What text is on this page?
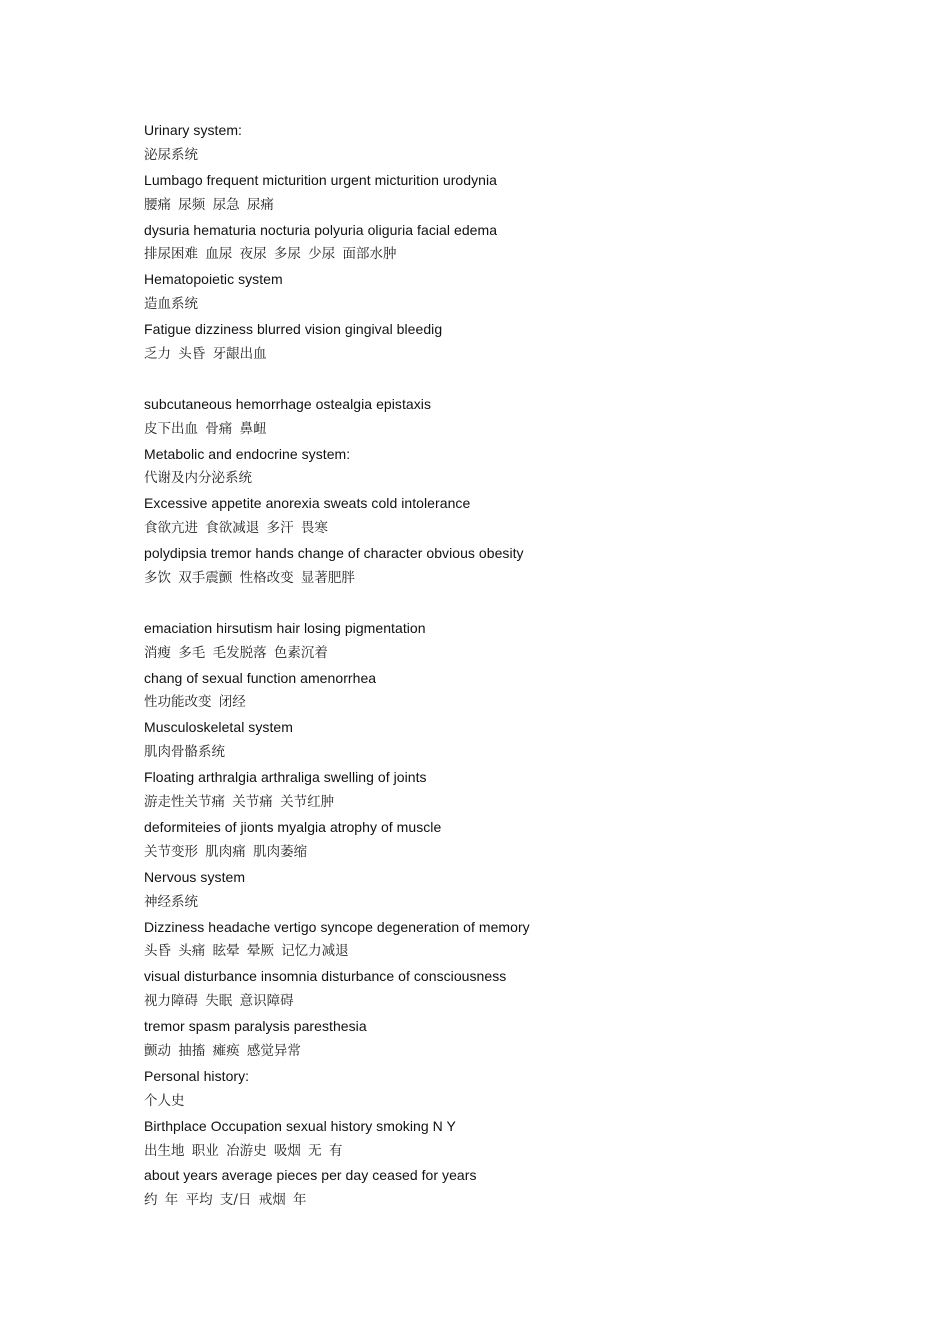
Urinary system:
泌尿系统
Lumbago frequent micturition urgent micturition urodynia
腰痛 尿频 尿急 尿痛
dysuria hematuria nocturia polyuria oliguria facial edema
排尿困难 血尿 夜尿 多尿 少尿 面部水肿
Hematopoietic system
造血系统
Fatigue dizziness blurred vision gingival bleedig
乏力 头昏 牙龈出血
subcutaneous hemorrhage ostealgia epistaxis
皮下出血 骨痛 鼻衄
Metabolic and endocrine system:
代谢及内分泌系统
Excessive appetite anorexia sweats cold intolerance
食欲亢进 食欲减退 多汗 畏寒
polydipsia tremor hands change of character obvious obesity
多饮 双手震颤 性格改变 显著肥胖
emaciation hirsutism hair losing pigmentation
消瘦 多毛 毛发脱落 色素沉着
chang of sexual function amenorrhea
性功能改变 闭经
Musculoskeletal system
肌肉骨骼系统
Floating arthralgia arthraliga swelling of joints
游走性关节痛 关节痛 关节红肿
deformiteies of jionts myalgia atrophy of muscle
关节变形 肌肉痛 肌肉萎缩
Nervous system
神经系统
Dizziness headache vertigo syncope degeneration of memory
头昏 头痛 眩晕 晕厥 记忆力减退
visual disturbance insomnia disturbance of consciousness
视力障碍 失眠 意识障碍
tremor spasm paralysis paresthesia
颤动 抽搐 瘫痪 感觉异常
Personal history:
个人史
Birthplace Occupation sexual history smoking N Y
出生地 职业 冶游史 吸烟 无 有
about years average pieces per day ceased for years
约 年 平均 支/日 戒烟 年
